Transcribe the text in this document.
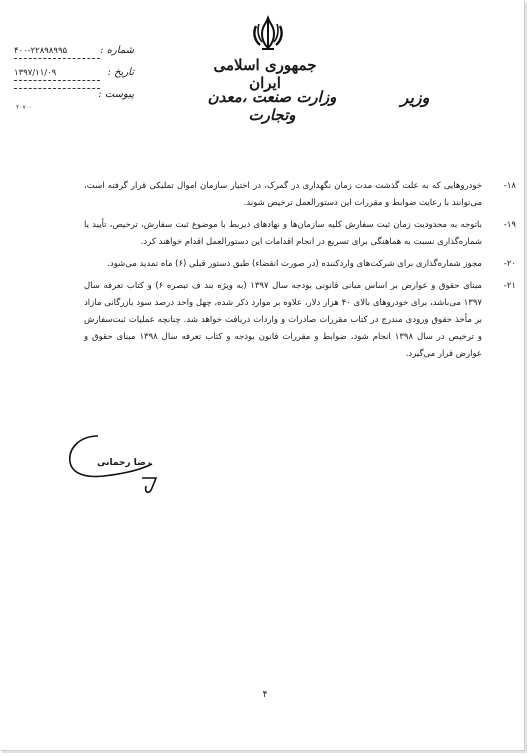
جمهوری اسلامی ایران
وزارت صنعت ،معدن وتجارت
وزیر
شماره :
۴۰۰-۲۲۸۹۸۹۹۵
تاریخ :
۱۳۹۷/۱۱/۰۹
پیوست :
۲۰۷۰۰
۱۸-
خودروهایی که به علت گذشت مدت زمان نگهداری در گمرک، در اختیار سازمان اموال تملیکی قرار گرفته است، می‌توانند با رعایت ضوابط و مقررات این دستورالعمل ترخیص شوند.
۱۹-
باتوجه به محدودیت زمان ثبت سفارش کلیه سازمان‌ها و نهادهای ذیربط با موضوع ثبت سفارش، ترخیص، تأیید یا شماره‌گذاری نسبت به هماهنگی برای تسریع در انجام اقدامات این دستورالعمل اقدام خواهند کرد.
۲۰-
مجوز شماره‌گذاری برای شرکت‌های واردکننده (در صورت انقضاء) طبق دستور قبلی (۶) ماه تمدید می‌شود.
۲۱-
مبنای حقوق و عوارض بر اساس مبانی قانونی بودجه سال ۱۳۹۷ (به ویژه بند ف تبصره ۶) و کتاب تعرفه سال ۱۳۹۷ می‌باشد، برای خودروهای بالای ۴۰ هزار دلار، علاوه بر موارد ذکر شده، چهل واحد درصد سود بازرگانی مازاد بر مأخذ حقوق ورودی مندرج در کتاب مقررات صادرات و واردات دریافت خواهد شد. چنانچه عملیات ثبت‌سفارش و ترخیص در سال ۱۳۹۸ انجام شود، ضوابط و مقررات قانون بودجه و کتاب تعرفه سال ۱۳۹۸ مبنای حقوق و عوارض قرار می‌گیرد.
رضا رحمانی
۴
